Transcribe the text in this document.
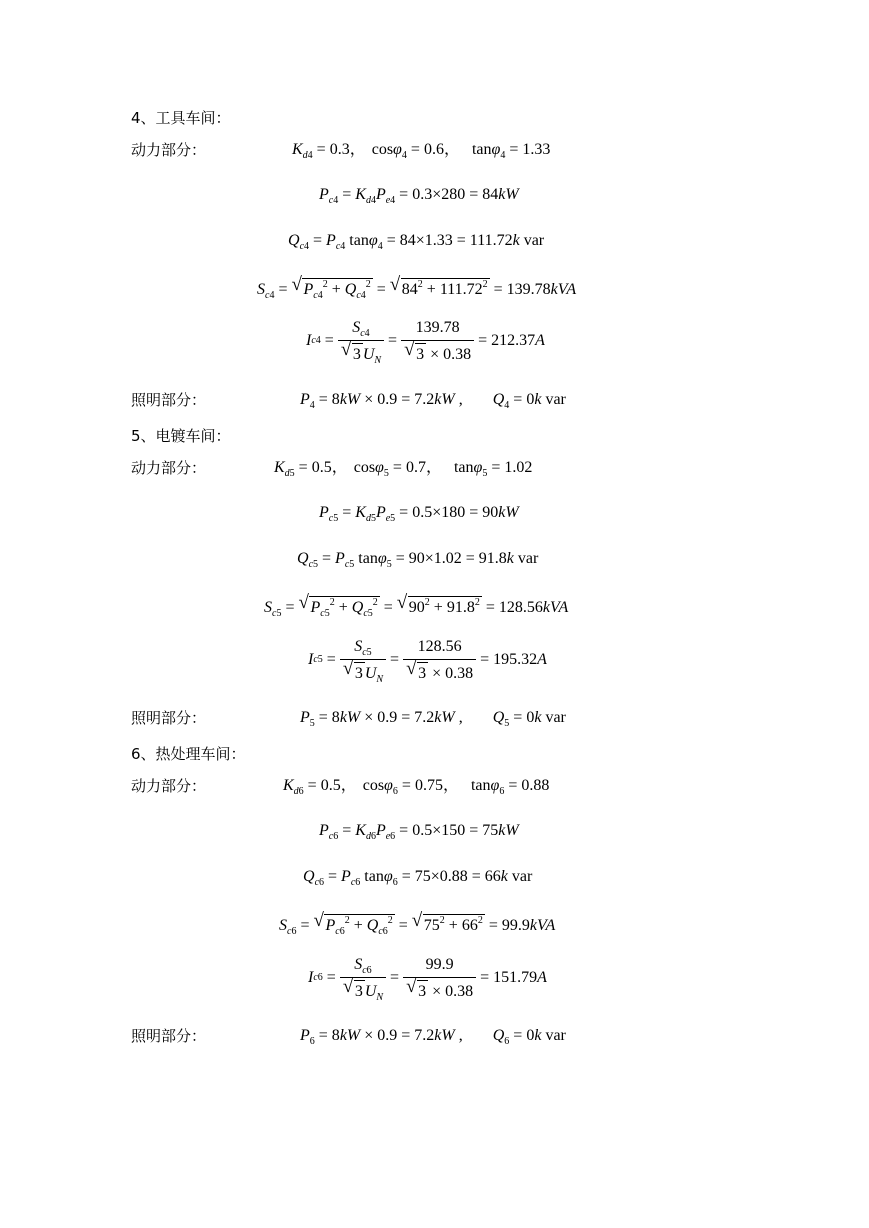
4、工具车间：
动力部分：	$K_{d4} = 0.3$， cosφ$_4$ = 0.6， tanφ$_4$ = 1.33
$P_{c4} = K_{d4}P_{e4} = 0.3\times 280 = 84kW$
$Q_{c4} = P_{c4}$ tanφ$_4$ = 84×1.33 = 111.72k var
$S_{c4}$ = √ $P_{c4}^2 + Q_{c4}^2$ = √ $84^2 + 111.72^2 = 139.78kVA$
I $c4 = \frac{S_{c4}}{√ 3 U_N} = \frac{139.78}{√ 3 \times 0.38} = 212.37$ A
照明部分：	$P_4 = 8kW \times 0.9 = 7.2kW$ , $Q_4 = 0k$ var
5、电镀车间：
动力部分：	$K_{d5} = 0.5$， cosφ$_5$ = 0.7， tanφ$_5$ = 1.02
$P_{c5} = K_{d5}P_{e5} = 0.5\times 180 = 90kW$
$Q_{c5} = P_{c5}$ tanφ$_5$ = 90×1.02 = 91.8k var
$S_{c5}$ = √ $P_{c5}^2 + Q_{c5}^2$ = √ $90^2 + 91.8^2 = 128.56kVA$
I $c5 = \frac{S_{c5}}{√ 3 U_N} = \frac{128.56}{√ 3 \times 0.38} = 195.32$ A
照明部分：	$P_5 = 8kW \times 0.9 = 7.2kW$ , $Q_5 = 0k$ var
6、热处理车间：
动力部分：	$K_{d6} = 0.5$， cosφ$_6$ = 0.75， tanφ$_6$ = 0.88
$P_{c6} = K_{d6}P_{e6} = 0.5\times 150 = 75kW$
$Q_{c6} = P_{c6}$ tanφ$_6$ = 75×0.88 = 66k var
$S_{c6}$ = √ $P_{c6}^2 + Q_{c6}^2$ = √ $75^2 + 66^2 = 99.9kVA$
I $c6 = \frac{S_{c6}}{√ 3 U_N} = \frac{99.9}{√ 3 \times 0.38} = 151.79$ A
照明部分：	$P_6 = 8kW \times 0.9 = 7.2kW$ , $Q_6 = 0k$ var
